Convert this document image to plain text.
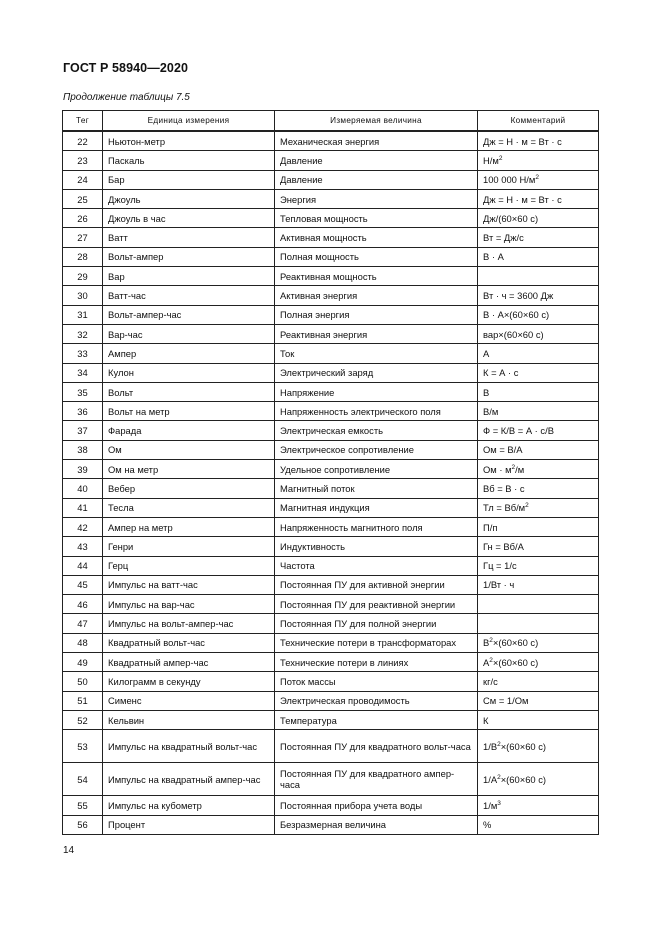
ГОСТ Р 58940—2020
Продолжение таблицы 7.5
Тег	Единица измерения	Измеряемая величина	Комментарий
22	Ньютон-метр	Механическая энергия	Дж = Н · м = Вт · с
23	Паскаль	Давление	$Н/м^2$
24	Бар	Давление	100 000 $Н/м^2$
25	Джоуль	Энергия	Дж = Н · м = Вт · с
26	Джоуль в час	Тепловая мощность	Дж/(60×60 с)
27	Ватт	Активная мощность	Вт = Дж/с
28	Вольт-ампер	Полная мощность	В · А
29	Вар	Реактивная мощность	
30	Ватт-час	Активная энергия	Вт · ч = 3600 Дж
31	Вольт-ампер-час	Полная энергия	В · А×(60×60 с)
32	Вар-час	Реактивная энергия	вар×(60×60 с)
33	Ампер	Ток	А
34	Кулон	Электрический заряд	К = А · с
35	Вольт	Напряжение	В
36	Вольт на метр	Напряженность электрического поля	В/м
37	Фарада	Электрическая емкость	Ф = К/В = А · с/В
38	Ом	Электрическое сопротивление	Ом = В/А
39	Ом на метр	Удельное сопротивление	Ом · $м^2/м$
40	Вебер	Магнитный поток	Вб = В · с
41	Тесла	Магнитная индукция	Тл = $Вб/м^2$
42	Ампер на метр	Напряженность магнитного поля	П/п
43	Генри	Индуктивность	Гн = Вб/А
44	Герц	Частота	Гц = 1/с
45	Импульс на ватт-час	Постоянная ПУ для активной энергии	1/Вт · ч
46	Импульс на вар-час	Постоянная ПУ для реактивной энергии	
47	Импульс на вольт-ампер-час	Постоянная ПУ для полной энергии	
48	Квадратный вольт-час	Технические потери в трансформаторах	$В^2\times(60\times 60$ с)
49	Квадратный ампер-час	Технические потери в линиях	$А^2\times(60\times 60$ с)
50	Килограмм в секунду	Поток массы	кг/с
51	Сименс	Электрическая проводимость	См = 1/Ом
52	Кельвин	Температура	К
53	Импульс на квадратный вольт-час	Постоянная ПУ для квадратного вольт-часа	$1/В^2\times(60\times 60$ с)
54	Импульс на квадратный ампер-час	Постоянная ПУ для квадратного ампер-часа	$1/А^2\times(60\times 60$ с)
55	Импульс на кубометр	Постоянная прибора учета воды	$1/м^3$
56	Процент	Безразмерная величина	%
14
